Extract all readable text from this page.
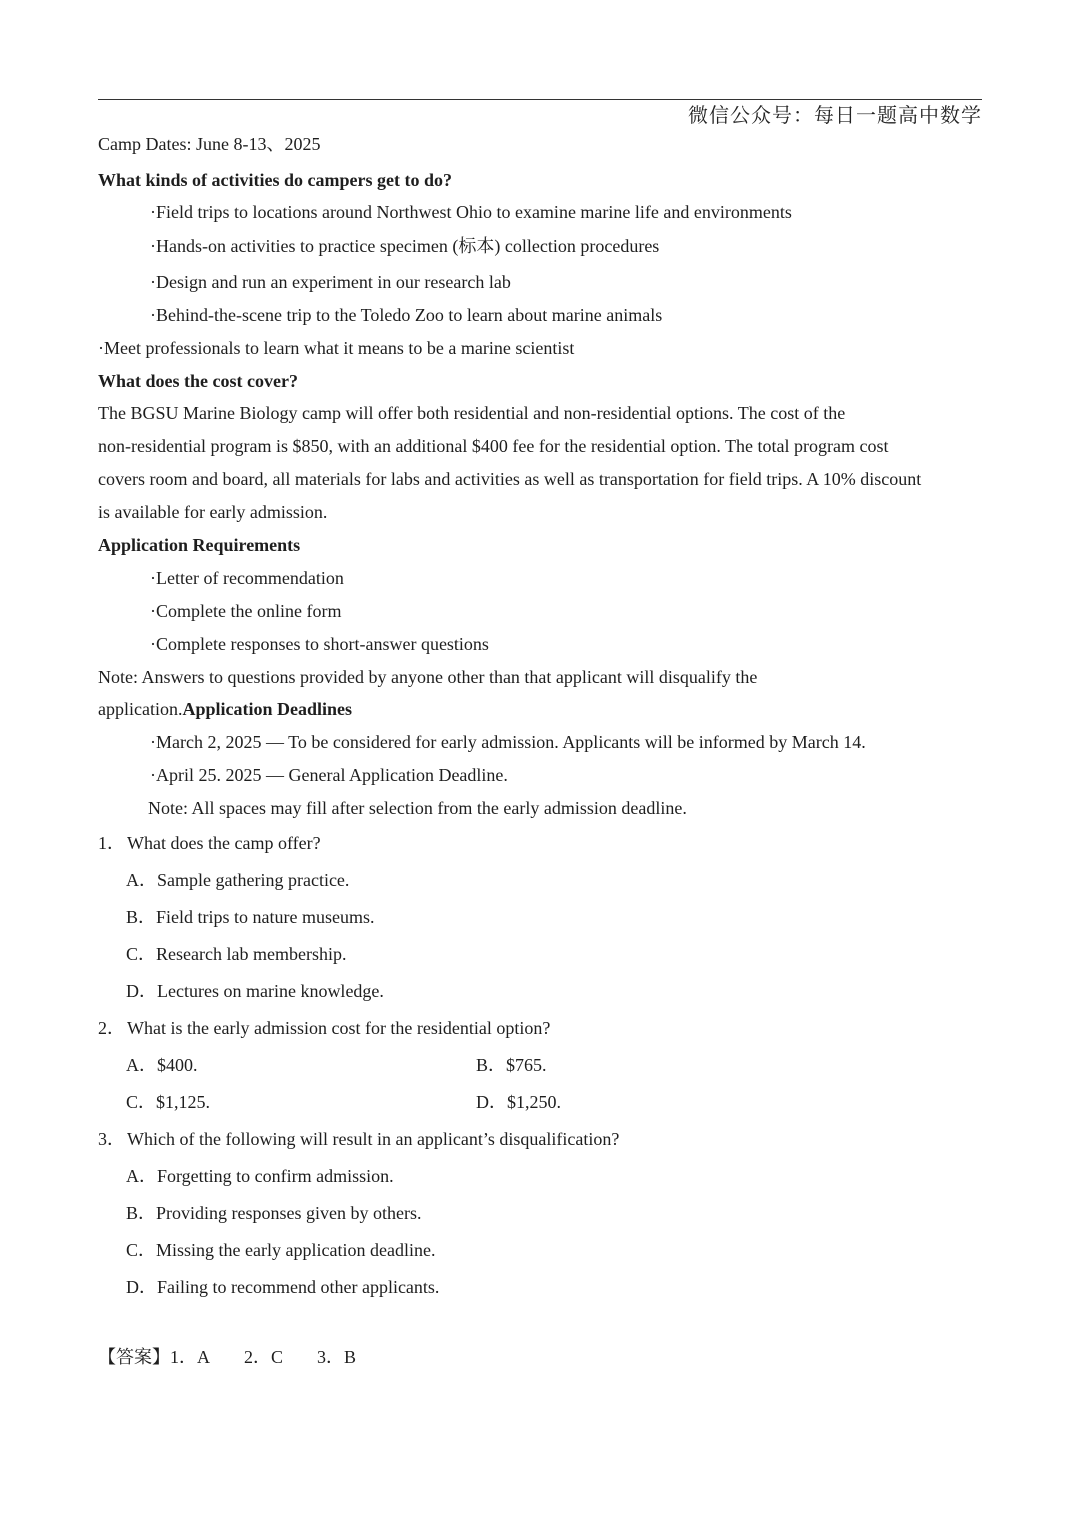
微信公众号：每日一题高中数学
Camp Dates: June 8-13、2025
What kinds of activities do campers get to do?
·Field trips to locations around Northwest Ohio to examine marine life and environments
·Hands-on activities to practice specimen (标本) collection procedures
·Design and run an experiment in our research lab
·Behind-the-scene trip to the Toledo Zoo to learn about marine animals
·Meet professionals to learn what it means to be a marine scientist
What does the cost cover?
The BGSU Marine Biology camp will offer both residential and non-residential options. The cost of the
non-residential program is $850, with an additional $400 fee for the residential option. The total program cost
covers room and board, all materials for labs and activities as well as transportation for field trips. A 10% discount
is available for early admission.
Application Requirements
·Letter of recommendation
·Complete the online form
·Complete responses to short-answer questions
Note: Answers to questions provided by anyone other than that applicant will disqualify the
application.Application Deadlines
·March 2, 2025 — To be considered for early admission. Applicants will be informed by March 14.
·April 25. 2025 — General Application Deadline.
Note: All spaces may fill after selection from the early admission deadline.
1． What does the camp offer?
A．Sample gathering practice.
B．Field trips to nature museums.
C．Research lab membership.
D．Lectures on marine knowledge.
2． What is the early admission cost for the residential option?
A．$400.	B．$765.
C．$1,125.	D．$1,250.
3． Which of the following will result in an applicant’s disqualification?
A．Forgetting to confirm admission.
B．Providing responses given by others.
C．Missing the early application deadline.
D．Failing to recommend other applicants.
【答案】1．A 2．C 3．B
